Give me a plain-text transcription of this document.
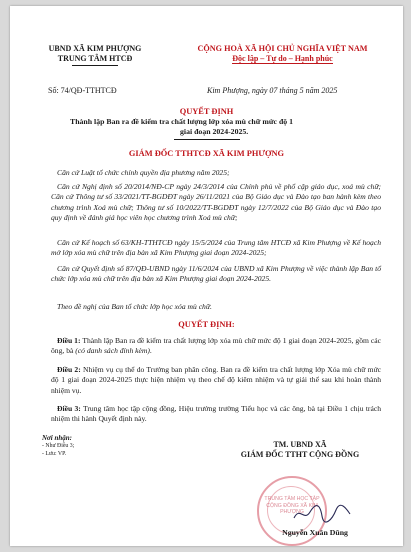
UBND XÃ KIM PHƯỢNG
TRUNG TÂM HTCĐ
CỘNG HOÀ XÃ HỘI CHỦ NGHĨA VIỆT NAM
Độc lập – Tự do – Hạnh phúc
Số: 74/QĐ-TTHTCĐ	Kim Phượng, ngày 07 tháng 5 năm 2025
QUYẾT ĐỊNH
Thành lập Ban ra đề kiểm tra chất lượng lớp xóa mù chữ mức độ 1
giai đoạn 2024-2025.
GIÁM ĐỐC TTHTCĐ XÃ KIM PHƯỢNG
Căn cứ Luật tổ chức chính quyền địa phương năm 2025;
Căn cứ Nghị định số 20/2014/NĐ-CP ngày 24/3/2014 của Chính phủ về phổ cập giáo dục, xoá mù chữ; Căn cứ Thông tư số 33/2021/TT-BGDĐT ngày 26/11/2021 của Bộ Giáo dục và Đào tạo ban hành kèm theo chương trình Xoá mù chữ; Thông tư số 10/2022/TT-BGDĐT ngày 12/7/2022 của Bộ Giáo dục và Đào tạo quy định về đánh giá học viên học chương trình Xoá mù chữ;
Căn cứ Kế hoạch số 63/KH-TTHTCĐ ngày 15/5/2024 của Trung tâm HTCĐ xã Kim Phượng về Kế hoạch mở lớp xóa mù chữ trên địa bàn xã Kim Phượng giai đoạn 2024-2025;
Căn cứ Quyết định số 87/QĐ-UBND ngày 11/6/2024 của UBND xã Kim Phượng về việc thành lập Ban tổ chức lớp xóa mù chữ trên địa bàn xã Kim Phượng giai đoạn 2024-2025.
Theo đề nghị của Ban tổ chức lớp học xóa mù chữ.
QUYẾT ĐỊNH:
Điều 1: Thành lập Ban ra đề kiểm tra chất lượng lớp xóa mù chữ mức độ 1 giai đoạn 2024-2025, gồm các ông, bà (có danh sách đính kèm).
Điều 2: Nhiệm vụ cụ thể do Trưởng ban phân công. Ban ra đề kiểm tra chất lượng lớp Xóa mù chữ mức độ 1 giai đoạn 2024-2025 thực hiện nhiệm vụ theo chế độ kiêm nhiệm và tự giải thể sau khi hoàn thành nhiệm vụ.
Điều 3: Trung tâm học tập cộng đồng, Hiệu trưởng trường Tiểu học và các ông, bà tại Điều 1 chịu trách nhiệm thi hành Quyết định này.
Nơi nhận:
- Như Điều 3;
- Lưu: VP.
TM. UBND XÃ
GIÁM ĐỐC TTHT CỘNG ĐỒNG
TRUNG TÂM HỌC TẬP CỘNG ĐỒNG XÃ KIM PHƯỢNG
Nguyễn Xuân Dũng
